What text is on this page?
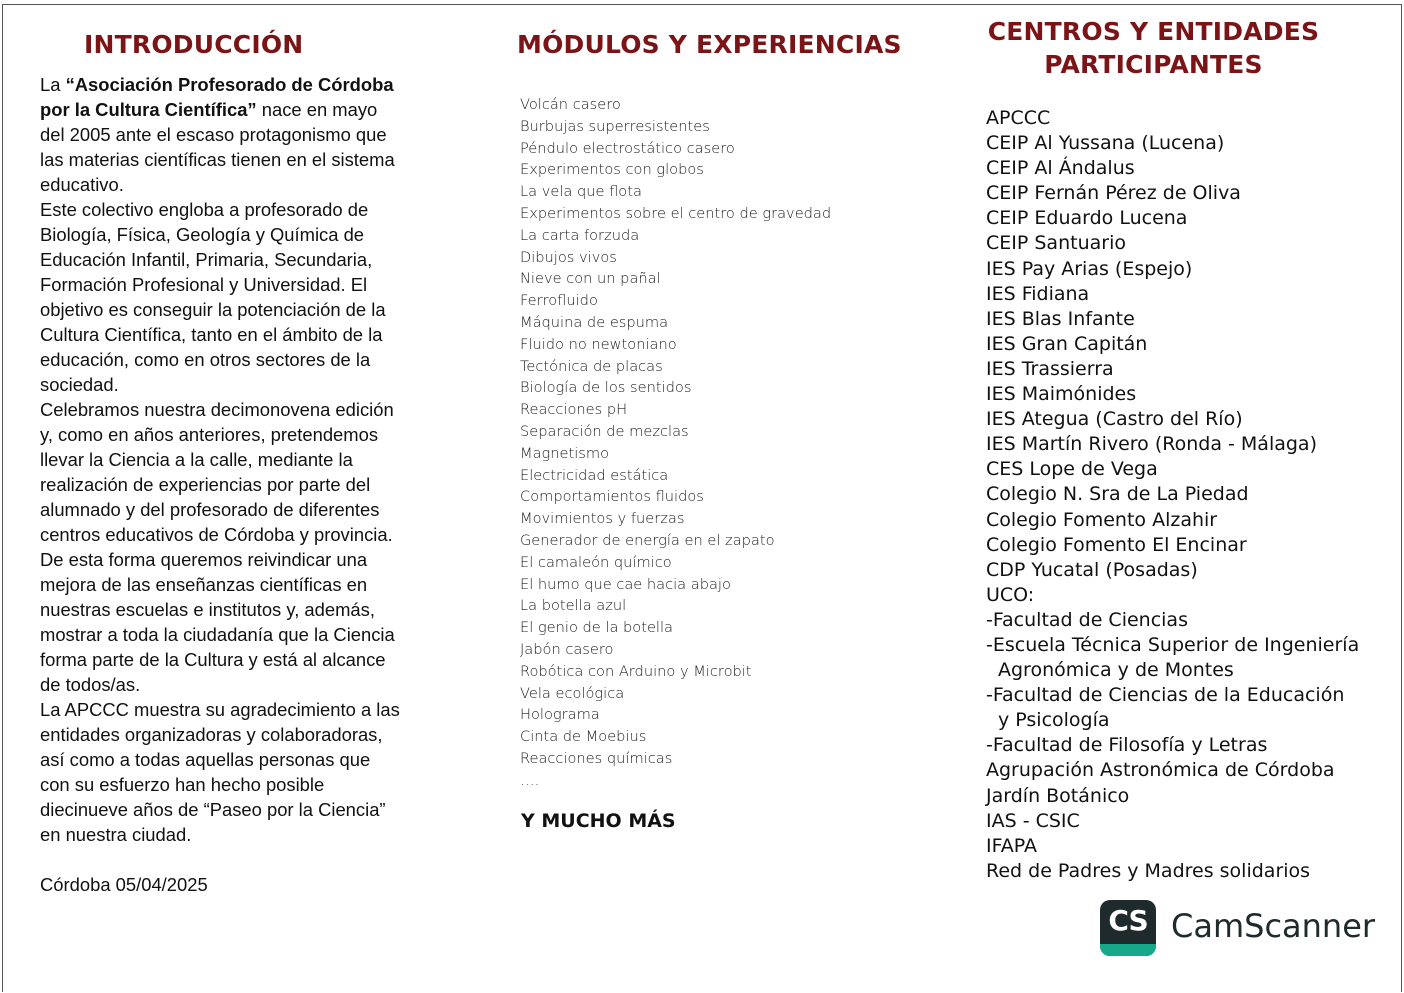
INTRODUCCIÓN

La “Asociación Profesorado de Córdoba por la Cultura Científica” nace en mayo del 2005 ante el escaso protagonismo que las materias científicas tienen en el sistema educativo.

Este colectivo engloba a profesorado de Biología, Física, Geología y Química de Educación Infantil, Primaria, Secundaria, Formación Profesional y Universidad. El objetivo es conseguir la potenciación de la Cultura Científica, tanto en el ámbito de la educación, como en otros sectores de la sociedad.

Celebramos nuestra decimonovena edición y, como en años anteriores, pretendemos llevar la Ciencia a la calle, mediante la realización de experiencias por parte del alumnado y del profesorado de diferentes centros educativos de Córdoba y provincia. De esta forma queremos reivindicar una mejora de las enseñanzas científicas en nuestras escuelas e institutos y, además, mostrar a toda la ciudadanía que la Ciencia forma parte de la Cultura y está al alcance de todos/as.

La APCCC muestra su agradecimiento a las entidades organizadoras y colaboradoras, así como a todas aquellas personas que con su esfuerzo han hecho posible diecinueve años de “Paseo por la Ciencia” en nuestra ciudad.

Córdoba 05/04/2025

MÓDULOS Y EXPERIENCIAS
Volcán casero
Burbujas superresistentes
Péndulo electrostático casero
Experimentos con globos
La vela que flota
Experimentos sobre el centro de gravedad
La carta forzuda
Dibujos vivos
Nieve con un pañal
Ferrofluido
Máquina de espuma
Fluido no newtoniano
Tectónica de placas
Biología de los sentidos
Reacciones pH
Separación de mezclas
Magnetismo
Electricidad estática
Comportamientos fluidos
Movimientos y fuerzas
Generador de energía en el zapato
El camaleón químico
El humo que cae hacia abajo
La botella azul
El genio de la botella
Jabón casero
Robótica con Arduino y Microbit
Vela ecológica
Holograma
Cinta de Moebius
Reacciones químicas
….
Y MUCHO MÁS
CENTROS Y ENTIDADES PARTICIPANTES
APCCC
CEIP Al Yussana (Lucena)
CEIP Al Ándalus
CEIP Fernán Pérez de Oliva
CEIP Eduardo Lucena
CEIP Santuario
IES Pay Arias (Espejo)
IES Fidiana
IES Blas Infante
IES Gran Capitán
IES Trassierra
IES Maimónides
IES Ategua (Castro del Río)
IES Martín Rivero (Ronda - Málaga)
CES Lope de Vega
Colegio N. Sra de La Piedad
Colegio Fomento Alzahir
Colegio Fomento El Encinar
CDP Yucatal (Posadas)
UCO:
-Facultad de Ciencias
-Escuela Técnica Superior de Ingeniería
Agronómica y de Montes
-Facultad de Ciencias de la Educación
y Psicología
-Facultad de Filosofía y Letras
Agrupación Astronómica de Córdoba
Jardín Botánico
IAS - CSIC
IFAPA
Red de Padres y Madres solidarios
CS CamScanner
